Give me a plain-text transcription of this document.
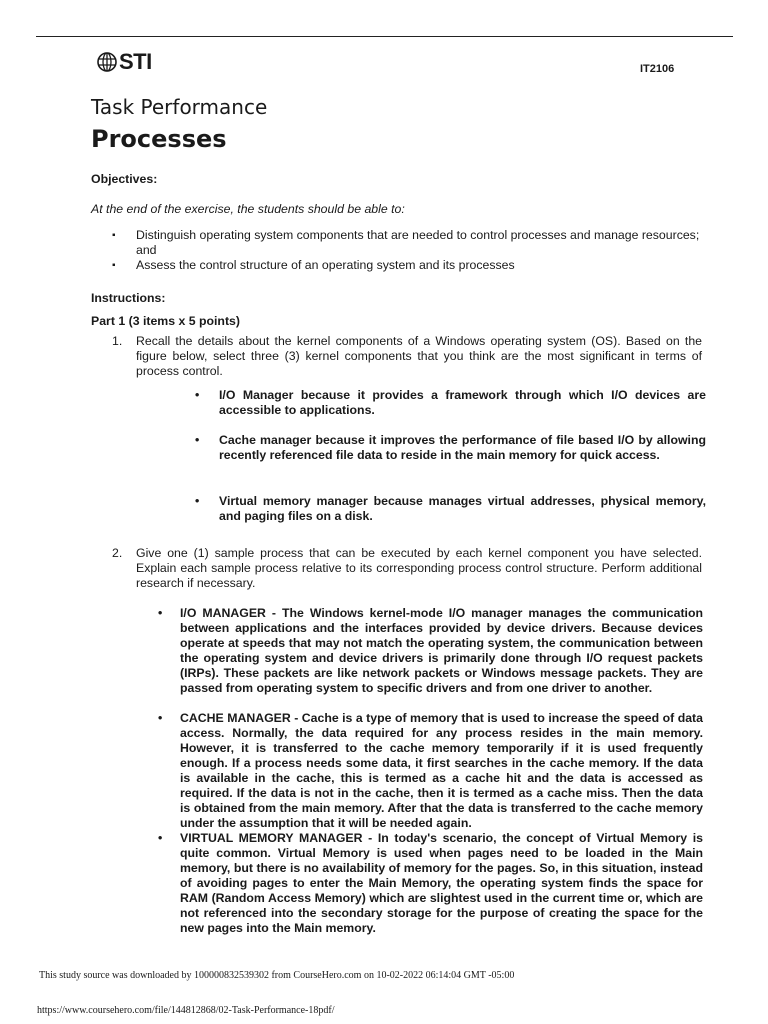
STI	IT2106
Task Performance
Processes
Objectives:
At the end of the exercise, the students should be able to:
▪ Distinguish operating system components that are needed to control processes and manage resources; and
▪ Assess the control structure of an operating system and its processes
Instructions:
Part 1 (3 items x 5 points)
1.	Recall the details about the kernel components of a Windows operating system (OS). Based on the figure below, select three (3) kernel components that you think are the most significant in terms of process control.
•	I/O Manager because it provides a framework through which I/O devices are accessible to applications.
•	Cache manager because it improves the performance of file based I/O by allowing recently referenced file data to reside in the main memory for quick access.
•	Virtual memory manager because manages virtual addresses, physical memory, and paging files on a disk.
2.	Give one (1) sample process that can be executed by each kernel component you have selected. Explain each sample process relative to its corresponding process control structure. Perform additional research if necessary.
•	I/O MANAGER - The Windows kernel-mode I/O manager manages the communication between applications and the interfaces provided by device drivers. Because devices operate at speeds that may not match the operating system, the communication between the operating system and device drivers is primarily done through I/O request packets (IRPs). These packets are like network packets or Windows message packets. They are passed from operating system to specific drivers and from one driver to another.
•	CACHE MANAGER - Cache is a type of memory that is used to increase the speed of data access. Normally, the data required for any process resides in the main memory. However, it is transferred to the cache memory temporarily if it is used frequently enough. If a process needs some data, it first searches in the cache memory. If the data is available in the cache, this is termed as a cache hit and the data is accessed as required. If the data is not in the cache, then it is termed as a cache miss. Then the data is obtained from the main memory. After that the data is transferred to the cache memory under the assumption that it will be needed again.
•	VIRTUAL MEMORY MANAGER - In today's scenario, the concept of Virtual Memory is quite common. Virtual Memory is used when pages need to be loaded in the Main memory, but there is no availability of memory for the pages. So, in this situation, instead of avoiding pages to enter the Main Memory, the operating system finds the space for RAM (Random Access Memory) which are slightest used in the current time or, which are not referenced into the secondary storage for the purpose of creating the space for the new pages into the Main memory.
This study source was downloaded by 100000832539302 from CourseHero.com on 10-02-2022 06:14:04 GMT -05:00
https://www.coursehero.com/file/144812868/02-Task-Performance-18pdf/
